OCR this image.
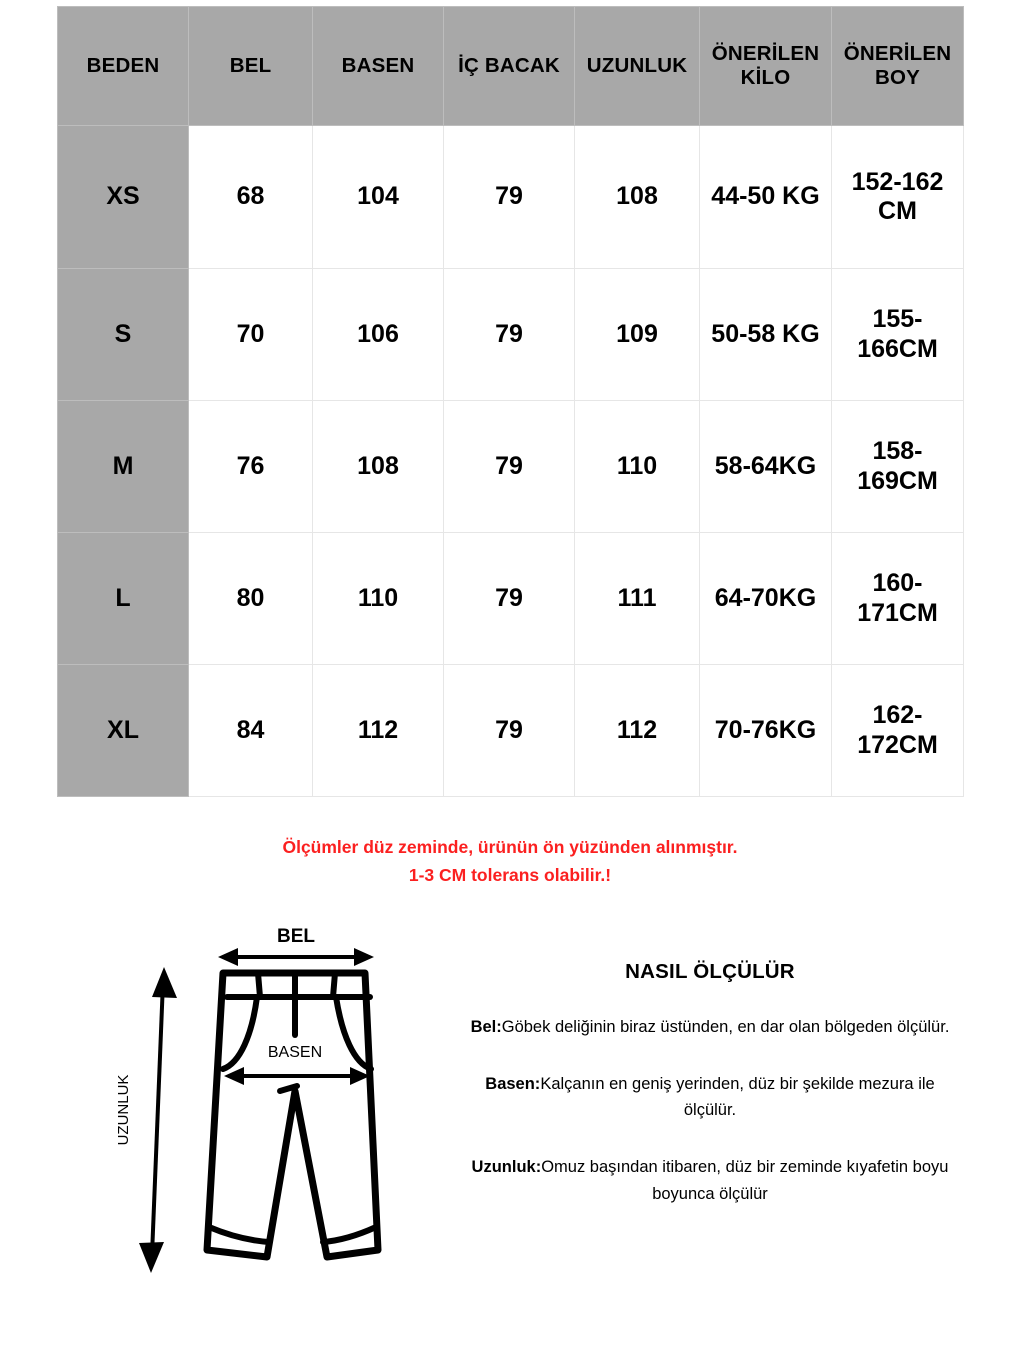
BEDEN	BEL	BASEN	İÇ BACAK	UZUNLUK	ÖNERİLEN KİLO	ÖNERİLEN BOY
XS	68	104	79	108	44-50 KG	152-162 CM
S	70	106	79	109	50-58 KG	155-166CM
M	76	108	79	110	58-64KG	158-169CM
L	80	110	79	111	64-70KG	160-171CM
XL	84	112	79	112	70-76KG	162-172CM
Ölçümler düz zeminde, ürünün ön yüzünden alınmıştır.
1-3 CM tolerans olabilir.!
BEL
UZUNLUK
BASEN
NASIL ÖLÇÜLÜR

Bel:Göbek deliğinin biraz üstünden, en dar olan bölgeden ölçülür.

Basen:Kalçanın en geniş yerinden, düz bir şekilde mezura ile ölçülür.

Uzunluk:Omuz başından itibaren, düz bir zeminde kıyafetin boyu boyunca ölçülür
